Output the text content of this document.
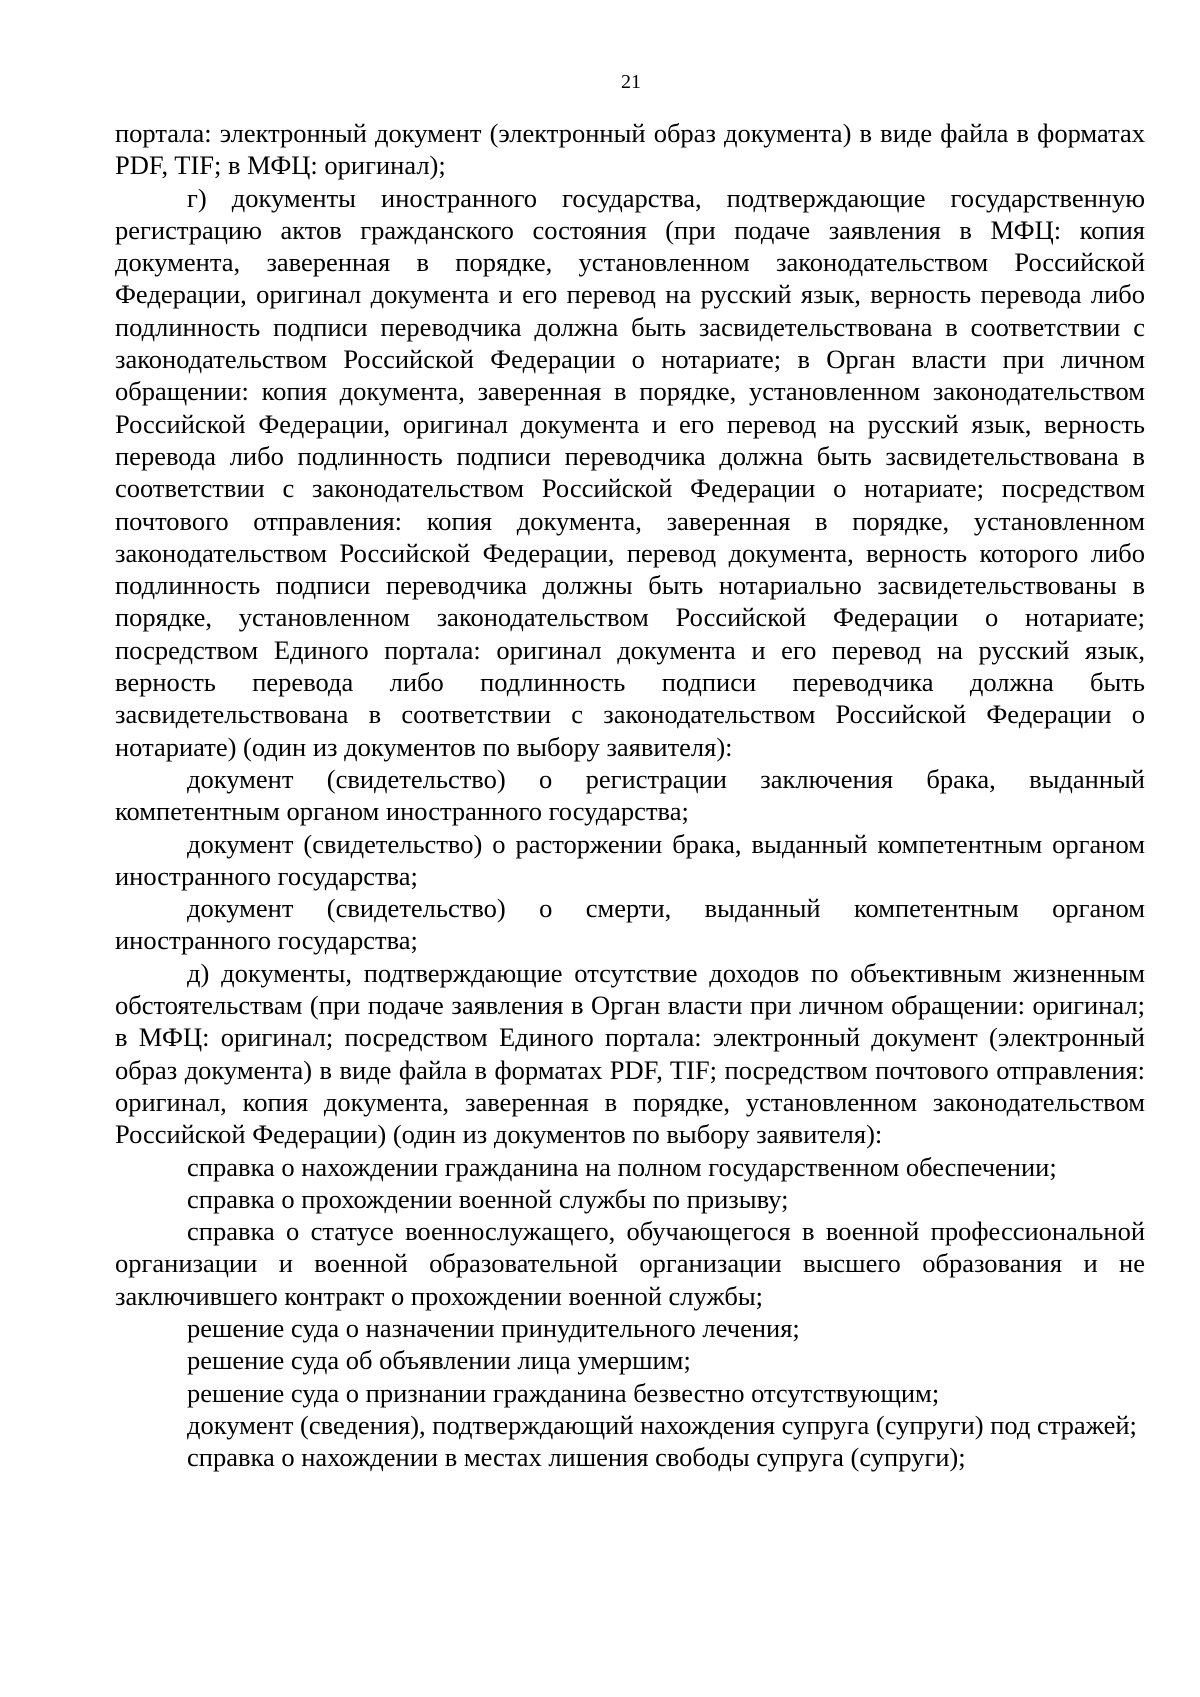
21

портала: электронный документ (электронный образ документа) в виде файла в форматах PDF, TIF; в МФЦ: оригинал);

г) документы иностранного государства, подтверждающие государственную регистрацию актов гражданского состояния (при подаче заявления в МФЦ: копия документа, заверенная в порядке, установленном законодательством Российской Федерации, оригинал документа и его перевод на русский язык, верность перевода либо подлинность подписи переводчика должна быть засвидетельствована в соответствии с законодательством Российской Федерации о нотариате; в Орган власти при личном обращении: копия документа, заверенная в порядке, установленном законодательством Российской Федерации, оригинал документа и его перевод на русский язык, верность перевода либо подлинность подписи переводчика должна быть засвидетельствована в соответствии с законодательством Российской Федерации о нотариате; посредством почтового отправления: копия документа, заверенная в порядке, установленном законодательством Российской Федерации, перевод документа, верность которого либо подлинность подписи переводчика должны быть нотариально засвидетельствованы в порядке, установленном законодательством Российской Федерации о нотариате; посредством Единого портала: оригинал документа и его перевод на русский язык, верность перевода либо подлинность подписи переводчика должна быть засвидетельствована в соответствии с законодательством Российской Федерации о нотариате) (один из документов по выбору заявителя):

документ (свидетельство) о регистрации заключения брака, выданный компетентным органом иностранного государства;

документ (свидетельство) о расторжении брака, выданный компетентным органом иностранного государства;

документ (свидетельство) о смерти, выданный компетентным органом иностранного государства;

д) документы, подтверждающие отсутствие доходов по объективным жизненным обстоятельствам (при подаче заявления в Орган власти при личном обращении: оригинал; в МФЦ: оригинал; посредством Единого портала: электронный документ (электронный образ документа) в виде файла в форматах PDF, TIF; посредством почтового отправления: оригинал, копия документа, заверенная в порядке, установленном законодательством Российской Федерации) (один из документов по выбору заявителя):

справка о нахождении гражданина на полном государственном обеспечении;

справка о прохождении военной службы по призыву;

справка о статусе военнослужащего, обучающегося в военной профессиональной организации и военной образовательной организации высшего образования и не заключившего контракт о прохождении военной службы;

решение суда о назначении принудительного лечения;

решение суда об объявлении лица умершим;

решение суда о признании гражданина безвестно отсутствующим;

документ (сведения), подтверждающий нахождения супруга (супруги) под стражей;

справка о нахождении в местах лишения свободы супруга (супруги);
